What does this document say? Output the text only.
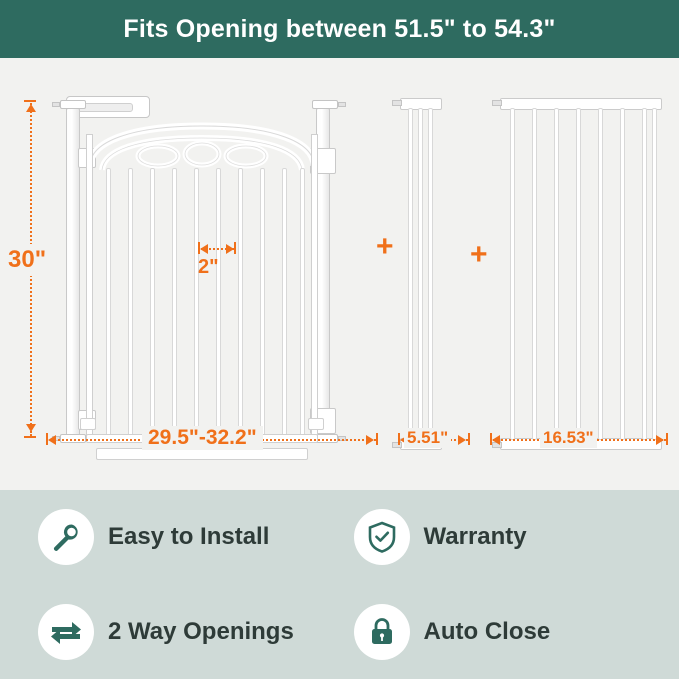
Fits Opening between 51.5" to 54.3"
+	+
30"	2"
29.5"-32.2"	5.51"	16.53"
Easy to Install	Warranty
2 Way Openings	Auto Close
